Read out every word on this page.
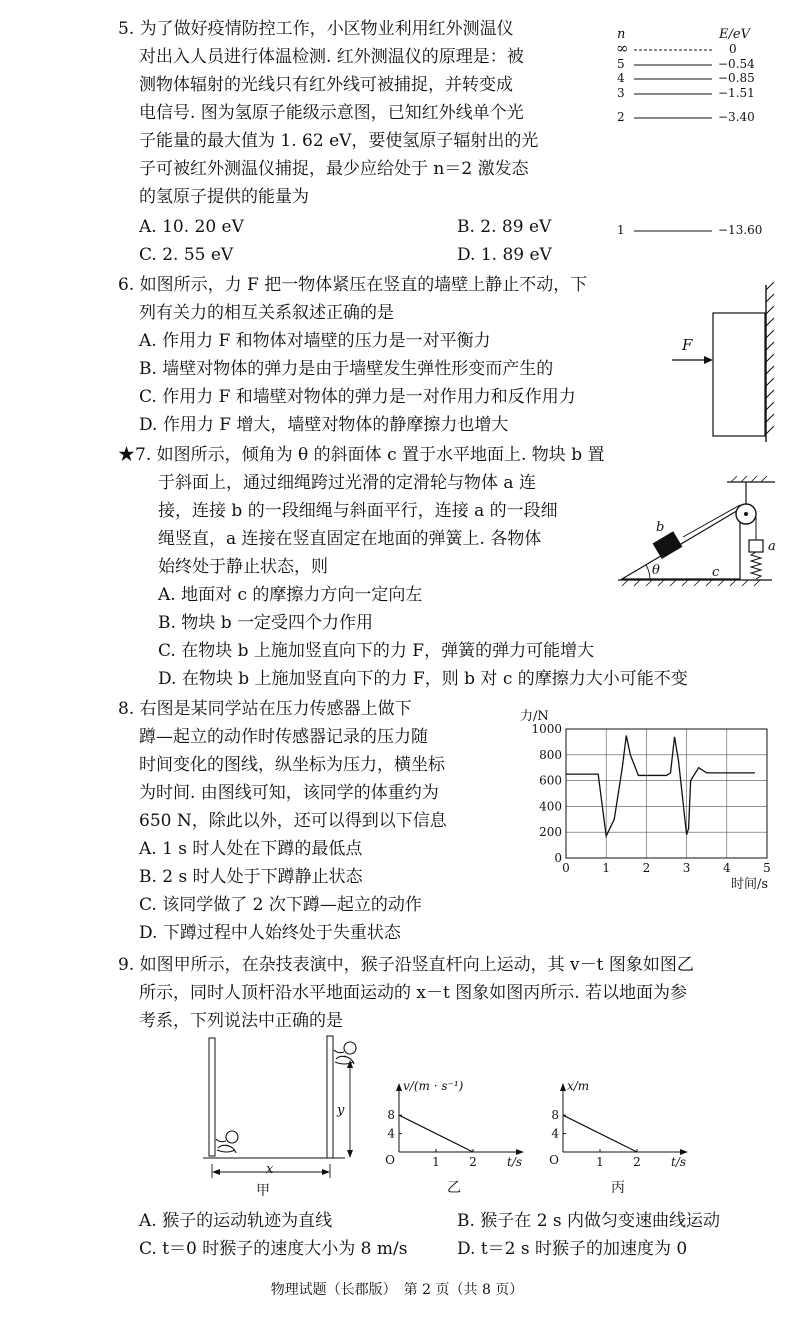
5. 为了做好疫情防控工作，小区物业利用红外测温仪
对出入人员进行体温检测. 红外测温仪的原理是：被
测物体辐射的光线只有红外线可被捕捉，并转变成
电信号. 图为氢原子能级示意图，已知红外线单个光
子能量的最大值为 1. 62 eV，要使氢原子辐射出的光
子可被红外测温仪捕捉，最少应给处于 n＝2 激发态
的氢原子提供的能量为
A. 10. 20 eV	B. 2. 89 eV
C. 2. 55 eV	D. 1. 89 eV
n	E/eV
∞	0
5	−0.54
4	−0.85
3	−1.51
2	−3.40
1	−13.60
6. 如图所示，力 F 把一物体紧压在竖直的墙壁上静止不动，下
列有关力的相互关系叙述正确的是
A. 作用力 F 和物体对墙壁的压力是一对平衡力
B. 墙壁对物体的弹力是由于墙壁发生弹性形变而产生的
C. 作用力 F 和墙壁对物体的弹力是一对作用力和反作用力
D. 作用力 F 增大，墙壁对物体的静摩擦力也增大
F
★7. 如图所示，倾角为 θ 的斜面体 c 置于水平地面上. 物块 b 置
于斜面上，通过细绳跨过光滑的定滑轮与物体 a 连
接，连接 b 的一段细绳与斜面平行，连接 a 的一段细
绳竖直，a 连接在竖直固定在地面的弹簧上. 各物体
始终处于静止状态，则
A. 地面对 c 的摩擦力方向一定向左
B. 物块 b 一定受四个力作用
C. 在物块 b 上施加竖直向下的力 F，弹簧的弹力可能增大
D. 在物块 b 上施加竖直向下的力 F，则 b 对 c 的摩擦力大小可能不变
b
a
c
θ
8. 右图是某同学站在压力传感器上做下
蹲—起立的动作时传感器记录的压力随
时间变化的图线，纵坐标为压力，横坐标
为时间. 由图线可知，该同学的体重约为
650 N，除此以外，还可以得到以下信息
A. 1 s 时人处在下蹲的最低点
B. 2 s 时人处于下蹲静止状态
C. 该同学做了 2 次下蹲—起立的动作
D. 下蹲过程中人始终处于失重状态
0	1	2	3	4	5
200
400
600
800
1000
0
力/N
时间/s
9. 如图甲所示，在杂技表演中，猴子沿竖直杆向上运动，其 v－t 图象如图乙
所示，同时人顶杆沿水平地面运动的 x－t 图象如图丙所示. 若以地面为参
考系，下列说法中正确的是
x
y
甲
1 2
4
8
O
v/(m · s⁻¹)
t/s
乙
1 2
4
8
O
x/m
t/s
丙
A. 猴子的运动轨迹为直线	B. 猴子在 2 s 内做匀变速曲线运动
C. t＝0 时猴子的速度大小为 8 m/s	D. t＝2 s 时猴子的加速度为 0
物理试题（长郡版）　第 2 页（共 8 页）
